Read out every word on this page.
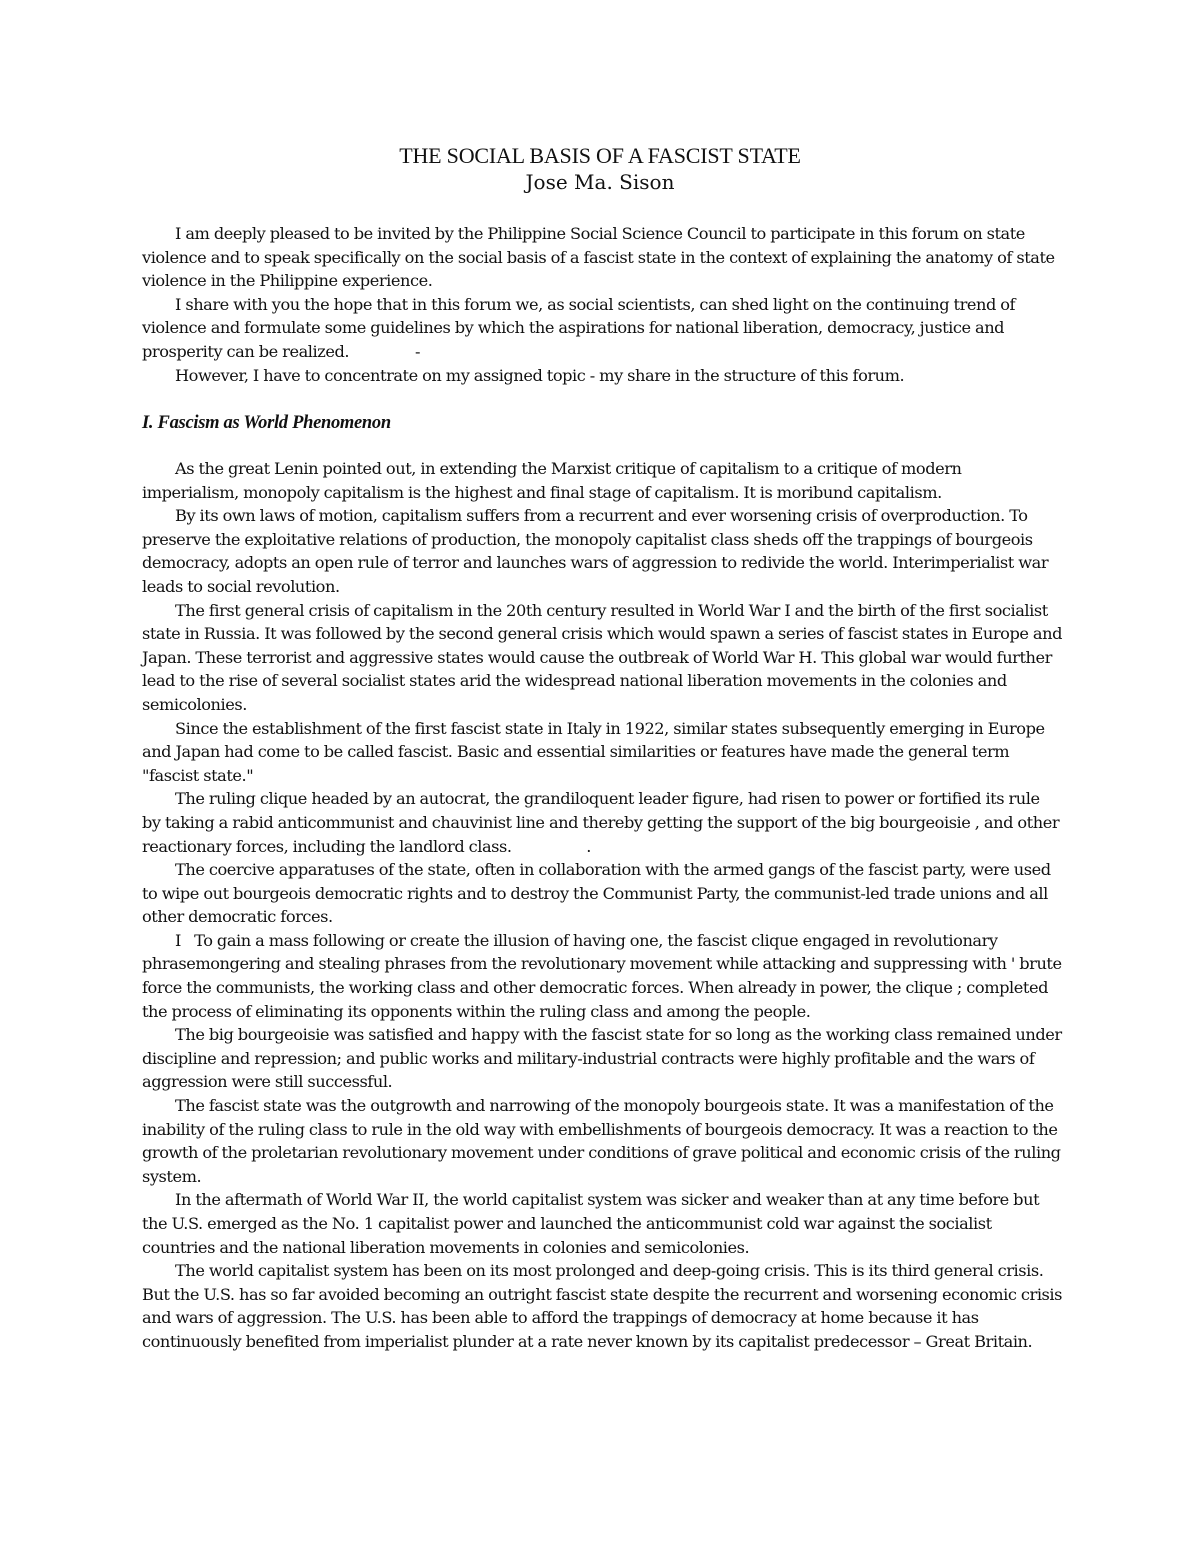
THE SOCIAL BASIS OF A FASCIST STATE
Jose Ma. Sison

I am deeply pleased to be invited by the Philippine Social Science Council to participate in this forum on state violence and to speak specifically on the social basis of a fascist state in the context of explaining the anatomy of state violence in the Philippine experience.

I share with you the hope that in this forum we, as social scientists, can shed light on the continuing trend of violence and formulate some guidelines by which the aspirations for national liberation, democracy, justice and prosperity can be realized.               -

However, I have to concentrate on my assigned topic - my share in the structure of this forum.

I. Fascism as World Phenomenon

As the great Lenin pointed out, in extending the Marxist critique of capitalism to a critique of modern imperialism, monopoly capitalism is the highest and final stage of capitalism. It is moribund capitalism.

By its own laws of motion, capitalism suffers from a recurrent and ever worsening crisis of overproduction. To preserve the exploitative relations of production, the monopoly capitalist class sheds off the trappings of bourgeois democracy, adopts an open rule of terror and launches wars of aggression to redivide the world. Interimperialist war leads to social revolution.

The first general crisis of capitalism in the 20th century resulted in World War I and the birth of the first socialist state in Russia. It was followed by the second general crisis which would spawn a series of fascist states in Europe and Japan. These terrorist and aggressive states would cause the outbreak of World War H. This global war would further lead to the rise of several socialist states arid the widespread national liberation movements in the colonies and semicolonies.

Since the establishment of the first fascist state in Italy in 1922, similar states subsequently emerging in Europe and Japan had come to be called fascist. Basic and essential similarities or features have made the general term "fascist state."

The ruling clique headed by an autocrat, the grandiloquent leader figure, had risen to power or fortified its rule by taking a rabid anticommunist and chauvinist line and thereby getting the support of the big bourgeoisie , and other reactionary forces, including the landlord class.                 .

The coercive apparatuses of the state, often in collaboration with the armed gangs of the fascist party, were used to wipe out bourgeois democratic rights and to destroy the Communist Party, the communist-led trade unions and all other democratic forces.

I   To gain a mass following or create the illusion of having one, the fascist clique engaged in revolutionary phrasemongering and stealing phrases from the revolutionary movement while attacking and suppressing with ' brute force the communists, the working class and other democratic forces. When already in power, the clique ; completed the process of eliminating its opponents within the ruling class and among the people.

The big bourgeoisie was satisfied and happy with the fascist state for so long as the working class remained under discipline and repression; and public works and military-industrial contracts were highly profitable and the wars of aggression were still successful.

The fascist state was the outgrowth and narrowing of the monopoly bourgeois state. It was a manifestation of the inability of the ruling class to rule in the old way with embellishments of bourgeois democracy. It was a reaction to the growth of the proletarian revolutionary movement under conditions of grave political and economic crisis of the ruling system.

In the aftermath of World War II, the world capitalist system was sicker and weaker than at any time before but the U.S. emerged as the No. 1 capitalist power and launched the anticommunist cold war against the socialist countries and the national liberation movements in colonies and semicolonies.

The world capitalist system has been on its most prolonged and deep-going crisis. This is its third general crisis. But the U.S. has so far avoided becoming an outright fascist state despite the recurrent and worsening economic crisis and wars of aggression. The U.S. has been able to afford the trappings of democracy at home because it has continuously benefited from imperialist plunder at a rate never known by its capitalist predecessor – Great Britain.
